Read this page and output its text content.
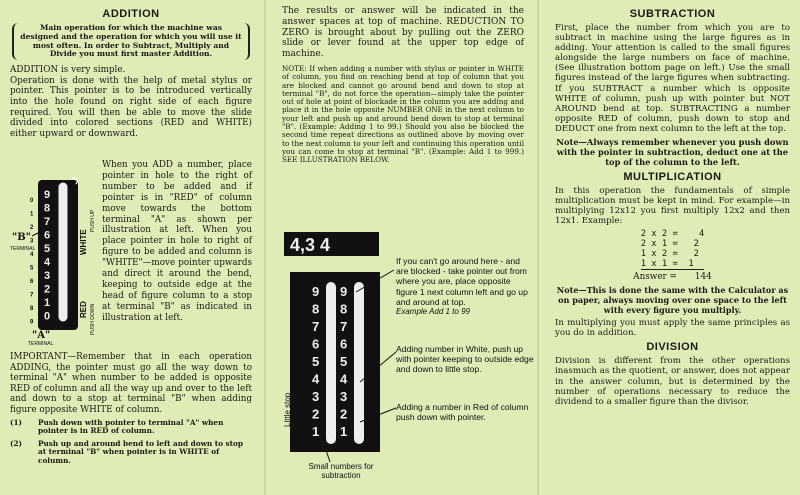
ADDITION

Main operation for which the machine was designed and the operation for which you will use it most often. In order to Subtract, Multiply and Divide you must first master Addition.

ADDITION is very simple.

Operation is done with the help of metal stylus or pointer. This pointer is to be introduced vertically into the hole found on right side of each figure required. You will then be able to move the slide divided into colored sections (RED and WHITE) either upward or downward.

WHITE
PUSH UP
RED PUSH DOWN
9
8
7
6
5
4
3
2
1
0
0
1
2
3
4
5
6
7
8
9
"B"
TERMINAL
"A"
TERMINAL

When you ADD a number, place pointer in hole to the right of number to be added and if pointer is in "RED" of column move towards the bottom terminal "A" as shown per illustration at left. When you place pointer in hole to right of figure to be added and column is "WHITE"—move pointer upwards and direct it around the bend, keeping to outside edge at the head of figure column to a stop at terminal "B" as indicated in illustration at left.

IMPORTANT—Remember that in each operation ADDING, the pointer must go all the way down to terminal "A" when number to be added is opposite RED of column and all the way up and over to the left and down to a stop at terminal "B" when adding figure opposite WHITE of column.

(1)	Push down with pointer to terminal "A" when pointer is in RED of column.
(2)	Push up and around bend to left and down to stop at terminal "B" when pointer is in WHITE of column.

The results or answer will be indicated in the answer spaces at top of machine. REDUCTION TO ZERO is brought about by pulling out the ZERO slide or lever found at the upper top edge of machine.

NOTE: If when adding a number with stylus or pointer in WHITE of column, you find on reaching bend at top of column that you are blocked and cannot go around bend and down to stop at terminal "B", do not force the operation—simply take the pointer out of hole at point of blockade in the column you are adding and place it in the hole opposite NUMBER ONE in the next column to your left and push up and around bend down to stop at terminal "B". (Example: Adding 1 to 99.) Should you also be blocked the second time repeat directions as outlined above by moving over to the next column to your left and continuing this operation until you can come to stop at terminal "B". (Example: Add 1 to 999.) SEE ILLUSTRATION BELOW.

4,3 4
9
8
7
6
5
4
3
2
1
9
8
7
6
5
4
3
2
1
Little stop
If you can't go around here - and are blocked - take pointer out from where you are, place opposite figure 1 next column left and go up and around at top.
Example Add 1 to 99
Adding number in White, push up with pointer keeping to outside edge and down to little stop.
Adding a number in Red of column push down with pointer.
Small numbers for subtraction
SUBTRACTION

First, place the number from which you are to subtract in machine using the large figures as in adding. Your attention is called to the small figures alongside the large numbers on face of machine. (See illustration bottom page on left.) Use the small figures instead of the large figures when subtracting. If you SUBTRACT a number which is opposite WHITE of column, push up with pointer but NOT AROUND bend at top. SUBTRACTING a number opposite RED of column, push down to stop and DEDUCT one from next column to the left at the top.

Note—Always remember whenever you push down with the pointer in subtraction, deduct one at the top of the column to the left.

MULTIPLICATION

In this operation the fundamentals of simple multiplication must be kept in mind. For example—in multiplying 12x12 you first multiply 12x2 and then 12x1. Example:

2 x 2 =    4
2 x 1 =   2
1 x 2 =   2
1 x 1 =  1
Answer = 144

Note—This is done the same with the Calculator as on paper, always moving over one space to the left with every figure you multiply.

In multiplying you must apply the same principles as you do in addition.

DIVISION

Division is different from the other operations inasmuch as the quotient, or answer, does not appear in the answer column, but is determined by the number of operations necessary to reduce the dividend to a smaller figure than the divisor.
